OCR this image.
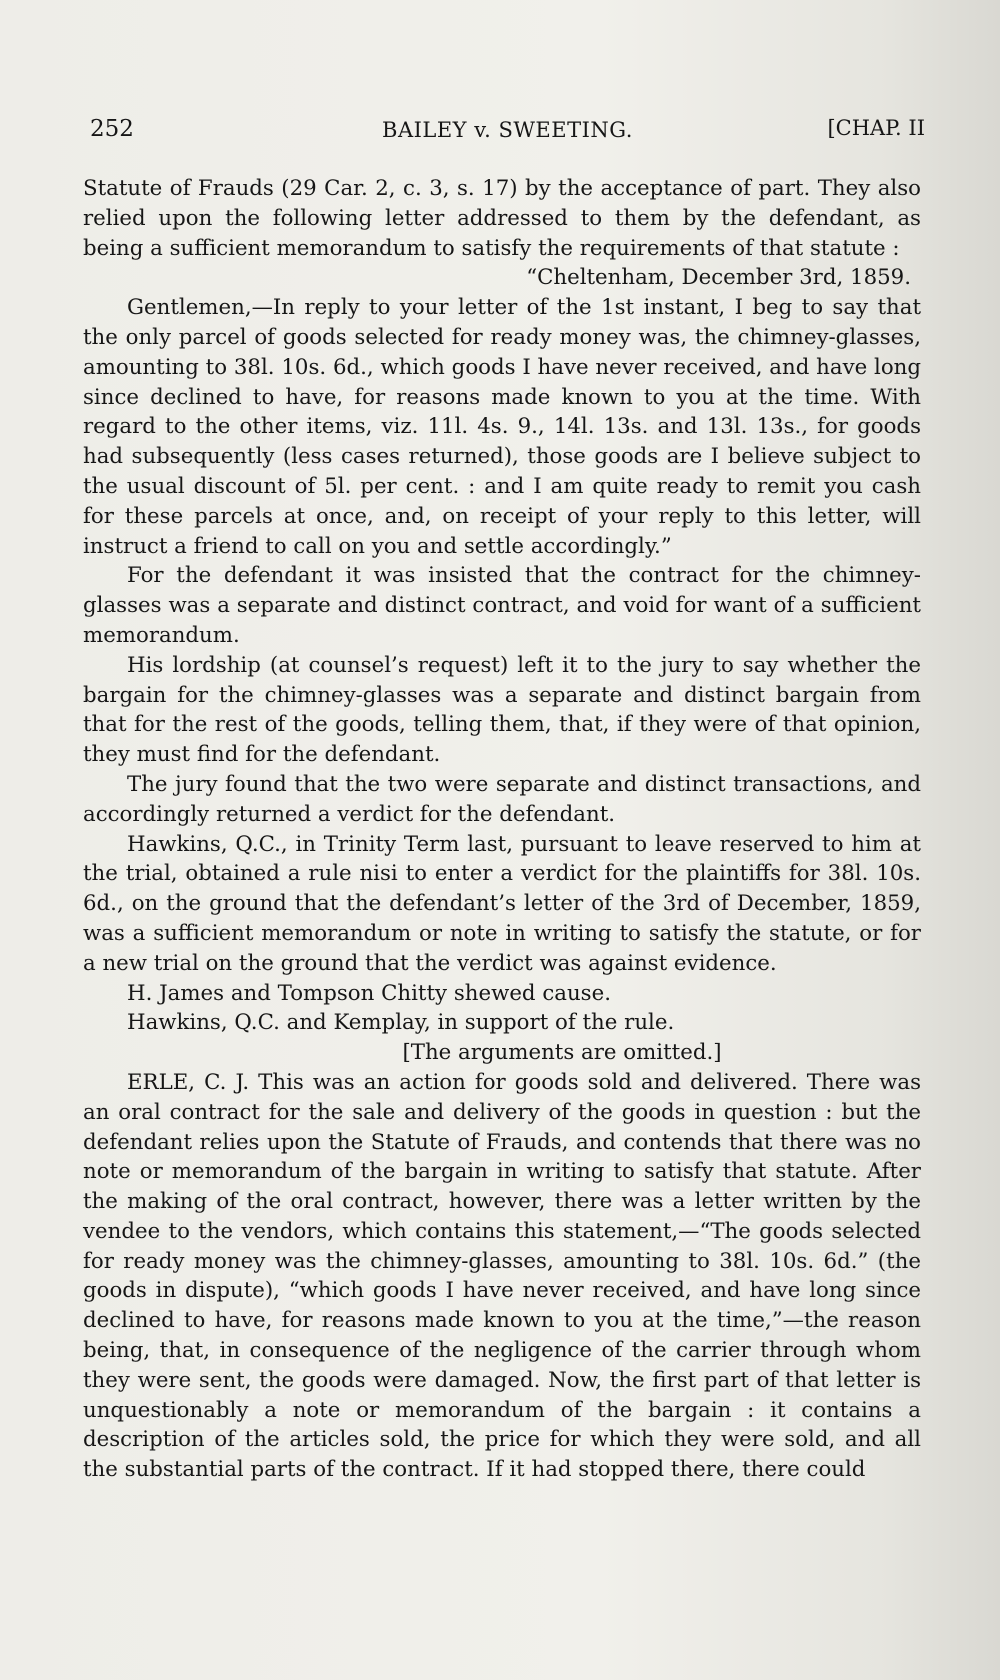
252	BAILEY v. SWEETING.	[CHAP. II

Statute of Frauds (29 Car. 2, c. 3, s. 17) by the acceptance of part. They also relied upon the following letter addressed to them by the defendant, as being a sufficient memorandum to satisfy the requirements of that statute :

“Cheltenham, December 3rd, 1859.

Gentlemen,—In reply to your letter of the 1st instant, I beg to say that the only parcel of goods selected for ready money was, the chimney-glasses, amounting to 38l. 10s. 6d., which goods I have never received, and have long since declined to have, for reasons made known to you at the time. With regard to the other items, viz. 11l. 4s. 9., 14l. 13s. and 13l. 13s., for goods had subsequently (less cases returned), those goods are I believe subject to the usual discount of 5l. per cent. : and I am quite ready to remit you cash for these parcels at once, and, on receipt of your reply to this letter, will instruct a friend to call on you and settle accordingly.”

For the defendant it was insisted that the contract for the chimney-glasses was a separate and distinct contract, and void for want of a sufficient memorandum.

His lordship (at counsel’s request) left it to the jury to say whether the bargain for the chimney-glasses was a separate and distinct bargain from that for the rest of the goods, telling them, that, if they were of that opinion, they must find for the defendant.

The jury found that the two were separate and distinct transactions, and accordingly returned a verdict for the defendant.

Hawkins, Q.C., in Trinity Term last, pursuant to leave reserved to him at the trial, obtained a rule nisi to enter a verdict for the plaintiffs for 38l. 10s. 6d., on the ground that the defendant’s letter of the 3rd of December, 1859, was a sufficient memorandum or note in writing to satisfy the statute, or for a new trial on the ground that the verdict was against evidence.

H. James and Tompson Chitty shewed cause.

Hawkins, Q.C. and Kemplay, in support of the rule.

[The arguments are omitted.]

ERLE, C. J. This was an action for goods sold and delivered. There was an oral contract for the sale and delivery of the goods in question : but the defendant relies upon the Statute of Frauds, and contends that there was no note or memorandum of the bargain in writing to satisfy that statute. After the making of the oral contract, however, there was a letter written by the vendee to the vendors, which contains this statement,—“The goods selected for ready money was the chimney-glasses, amounting to 38l. 10s. 6d.” (the goods in dispute), “which goods I have never received, and have long since declined to have, for reasons made known to you at the time,”—the reason being, that, in consequence of the negligence of the carrier through whom they were sent, the goods were damaged. Now, the first part of that letter is unquestionably a note or memorandum of the bargain : it contains a description of the articles sold, the price for which they were sold, and all the substantial parts of the contract. If it had stopped there, there could
